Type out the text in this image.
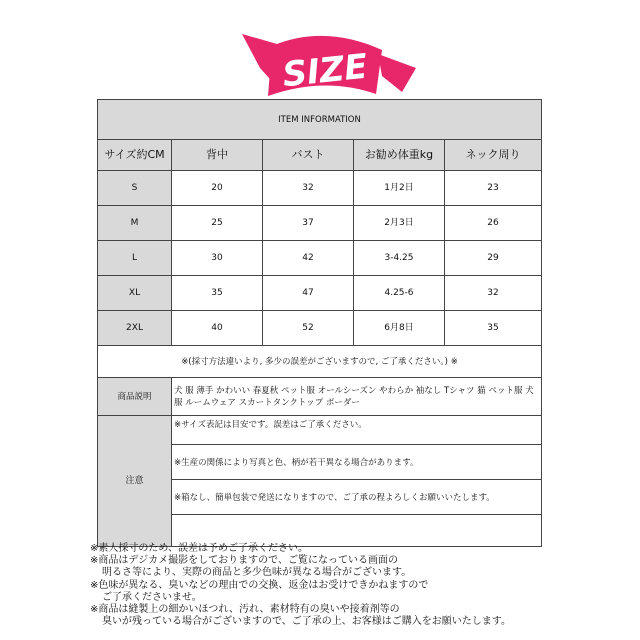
SIZE
ITEM INFORMATION				
サイズ約CM	背中	バスト	お勧め体重kg	ネック周り
S	20	32	1月2日	23
M	25	37	2月3日	26
L	30	42	3-4.25	29
XL	35	47	4.25-6	32
2XL	40	52	6月8日	35
※(採寸方法違いより, 多少の誤差がございますので, ご了承ください。) ※				
商品説明	犬 服 薄手 かわいい 春夏秋 ペット服 オールシーズン やわらか 袖なし Tシャツ 猫 ペット服 犬服 ルームウェア スカートタンクトップ ボーダー			
注意	※サイズ表記は目安です。誤差はご了承ください。
※生産の関係により写真と色、柄が若干異なる場合があります。
※箱なし、簡単包装で発送になりますので、ご了承の程よろしくお願いいたします。			
※素人採寸のため、誤差は予めご了承ください。
※商品はデジカメ撮影をしておりますので、ご覧になっている画面の
明るさ等により、実際の商品と多少色味が異なる場合がございます。
※色味が異なる、臭いなどの理由での交換、返金はお受けできかねますので
ご了承くださいませ。
※商品は縫製上の細かいほつれ、汚れ、素材特有の臭いや接着剤等の
臭いが残っている場合がございますので、ご了承の上、お客様はご購入をお願いたします。
